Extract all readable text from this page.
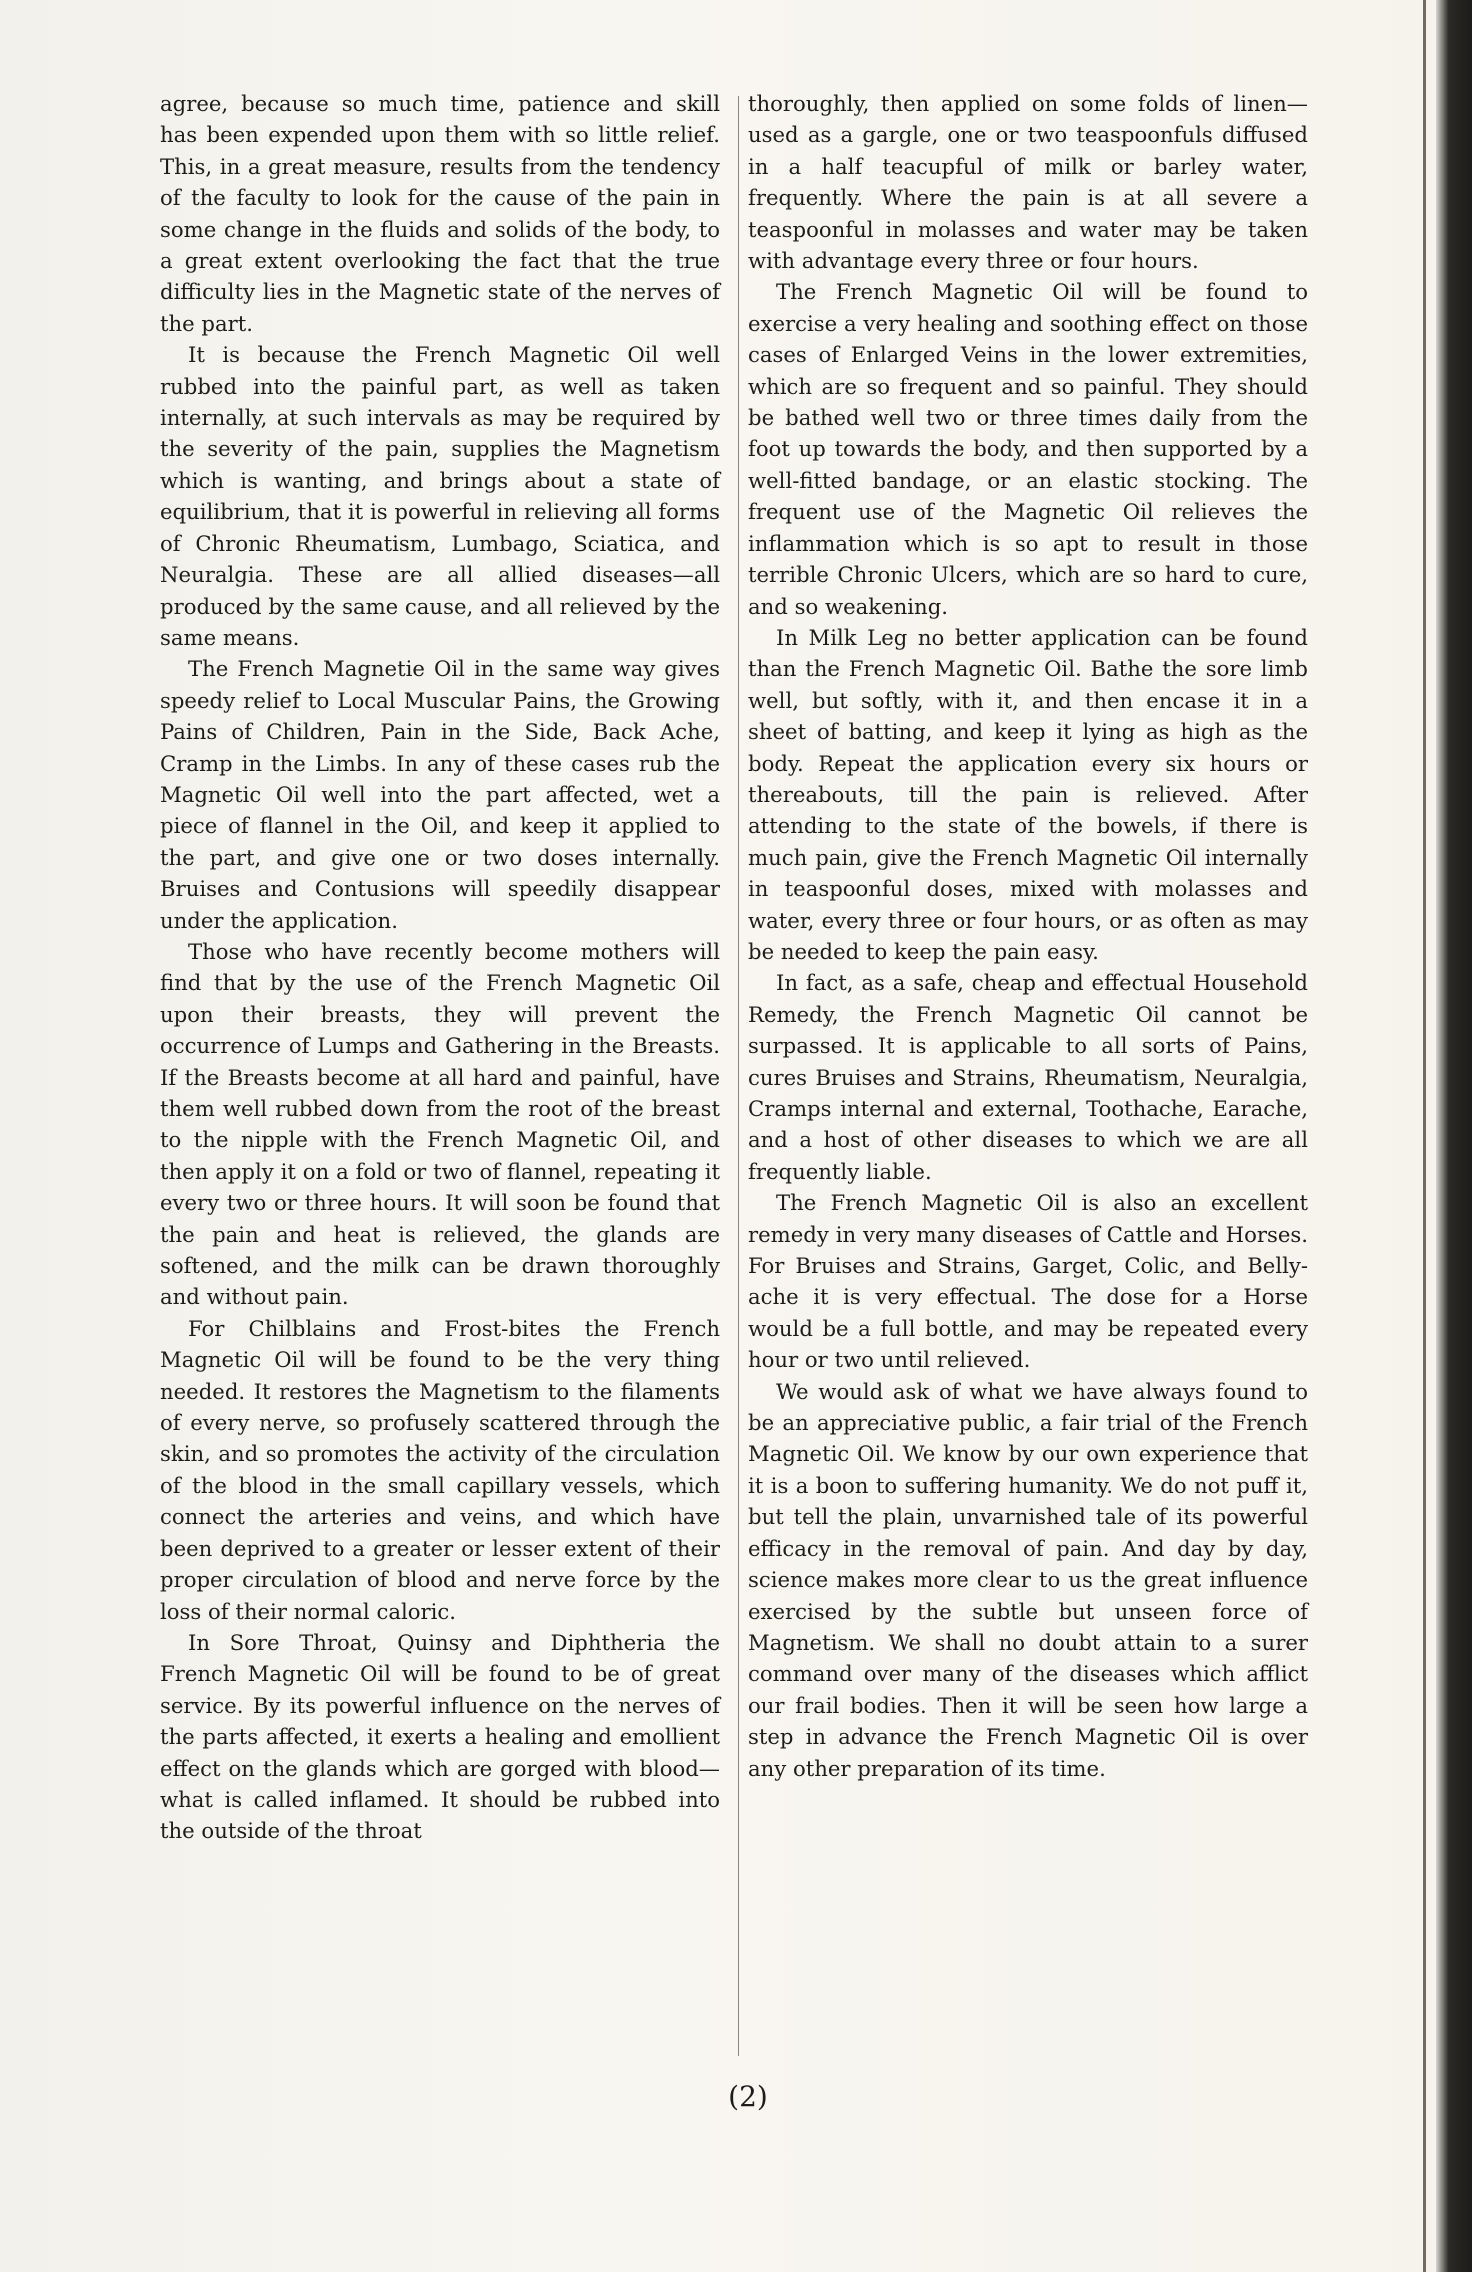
agree, because so much time, patience and skill has been expended upon them with so little relief. This, in a great measure, results from the tendency of the faculty to look for the cause of the pain in some change in the fluids and solids of the body, to a great extent overlooking the fact that the true difficulty lies in the Magnetic state of the nerves of the part.

It is because the French Magnetic Oil well rubbed into the painful part, as well as taken internally, at such intervals as may be required by the severity of the pain, supplies the Magnetism which is wanting, and brings about a state of equilibrium, that it is powerful in relieving all forms of Chronic Rheumatism, Lumbago, Sciatica, and Neuralgia. These are all allied diseases—all produced by the same cause, and all relieved by the same means.

The French Magnetie Oil in the same way gives speedy relief to Local Muscular Pains, the Growing Pains of Children, Pain in the Side, Back Ache, Cramp in the Limbs. In any of these cases rub the Magnetic Oil well into the part affected, wet a piece of flannel in the Oil, and keep it applied to the part, and give one or two doses internally. Bruises and Contusions will speedily disappear under the application.

Those who have recently become mothers will find that by the use of the French Magnetic Oil upon their breasts, they will prevent the occurrence of Lumps and Gathering in the Breasts. If the Breasts become at all hard and painful, have them well rubbed down from the root of the breast to the nipple with the French Magnetic Oil, and then apply it on a fold or two of flannel, repeating it every two or three hours. It will soon be found that the pain and heat is relieved, the glands are softened, and the milk can be drawn thoroughly and without pain.

For Chilblains and Frost-bites the French Magnetic Oil will be found to be the very thing needed. It restores the Magnetism to the filaments of every nerve, so profusely scattered through the skin, and so promotes the activity of the circulation of the blood in the small capillary vessels, which connect the arteries and veins, and which have been deprived to a greater or lesser extent of their proper circulation of blood and nerve force by the loss of their normal caloric.

In Sore Throat, Quinsy and Diphtheria the French Magnetic Oil will be found to be of great service. By its powerful influence on the nerves of the parts affected, it exerts a healing and emollient effect on the glands which are gorged with blood—what is called inflamed. It should be rubbed into the outside of the throat

thoroughly, then applied on some folds of linen—used as a gargle, one or two teaspoonfuls diffused in a half teacupful of milk or barley water, frequently. Where the pain is at all severe a teaspoonful in molasses and water may be taken with advantage every three or four hours.

The French Magnetic Oil will be found to exercise a very healing and soothing effect on those cases of Enlarged Veins in the lower extremities, which are so frequent and so painful. They should be bathed well two or three times daily from the foot up towards the body, and then supported by a well-fitted bandage, or an elastic stocking. The frequent use of the Magnetic Oil relieves the inflammation which is so apt to result in those terrible Chronic Ulcers, which are so hard to cure, and so weakening.

In Milk Leg no better application can be found than the French Magnetic Oil. Bathe the sore limb well, but softly, with it, and then encase it in a sheet of batting, and keep it lying as high as the body. Repeat the application every six hours or thereabouts, till the pain is relieved. After attending to the state of the bowels, if there is much pain, give the French Magnetic Oil internally in teaspoonful doses, mixed with molasses and water, every three or four hours, or as often as may be needed to keep the pain easy.

In fact, as a safe, cheap and effectual Household Remedy, the French Magnetic Oil cannot be surpassed. It is applicable to all sorts of Pains, cures Bruises and Strains, Rheumatism, Neuralgia, Cramps internal and external, Toothache, Earache, and a host of other diseases to which we are all frequently liable.

The French Magnetic Oil is also an excellent remedy in very many diseases of Cattle and Horses. For Bruises and Strains, Garget, Colic, and Belly-ache it is very effectual. The dose for a Horse would be a full bottle, and may be repeated every hour or two until relieved.

We would ask of what we have always found to be an appreciative public, a fair trial of the French Magnetic Oil. We know by our own experience that it is a boon to suffering humanity. We do not puff it, but tell the plain, unvarnished tale of its powerful efficacy in the removal of pain. And day by day, science makes more clear to us the great influence exercised by the subtle but unseen force of Magnetism. We shall no doubt attain to a surer command over many of the diseases which afflict our frail bodies. Then it will be seen how large a step in advance the French Magnetic Oil is over any other preparation of its time.

(2)
